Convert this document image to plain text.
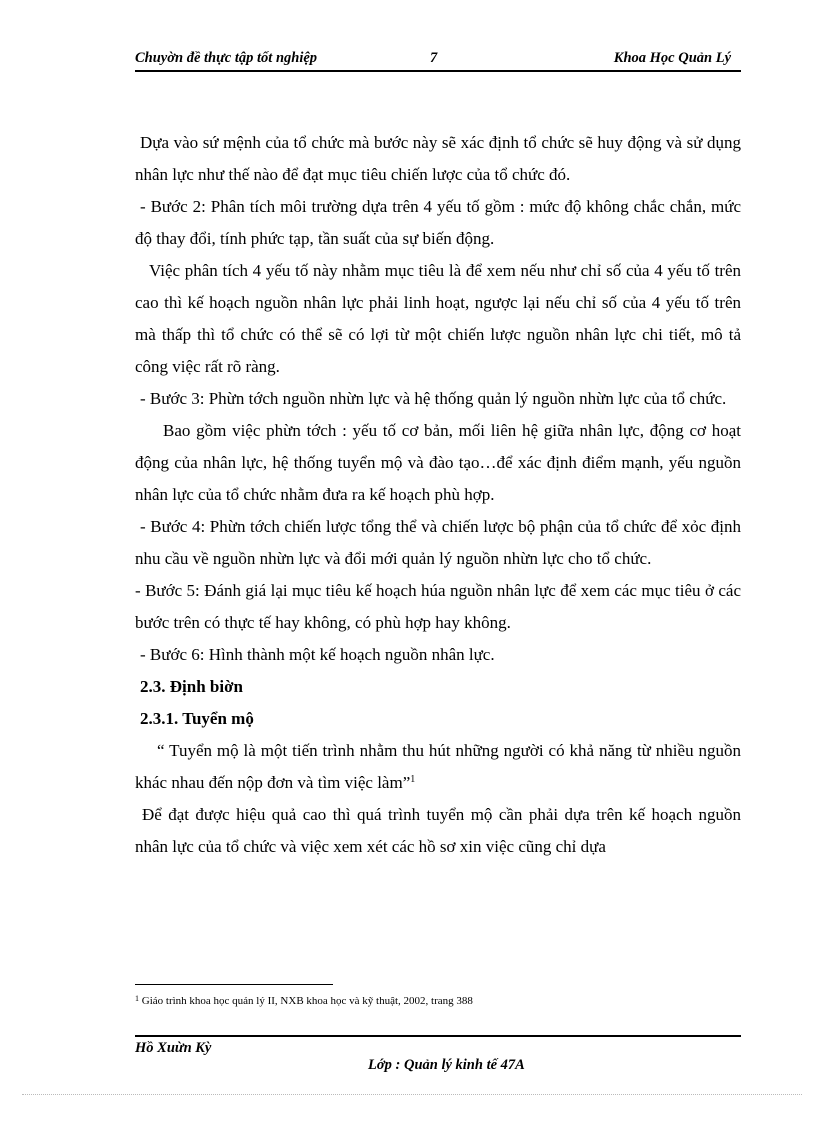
Chuyờn đề thực tập tốt nghiệp	7	Khoa Học Quản Lý

Dựa vào sứ mệnh của tổ chức mà bước này sẽ xác định tổ chức sẽ huy động và sử dụng nhân lực như thế nào để đạt mục tiêu chiến lược của tổ chức đó.

- Bước 2: Phân tích môi trường dựa trên 4 yếu tố gồm : mức độ không chắc chắn, mức độ thay đổi, tính phức tạp, tần suất của sự biến động.

Việc phân tích 4 yếu tố này nhằm mục tiêu là để xem nếu như chỉ số của 4 yếu tố trên cao thì kế hoạch nguồn nhân lực phải linh hoạt, ngược lại nếu chỉ số của 4 yếu tố trên mà thấp thì tổ chức có thể sẽ có lợi từ một chiến lược nguồn nhân lực chi tiết, mô tả công việc rất rõ ràng.

- Bước 3: Phừn tớch nguồn nhừn lực và hệ thống quản lý nguồn nhừn lực của tổ chức.

Bao gồm việc phừn tớch : yếu tố cơ bản, mối liên hệ giữa nhân lực, động cơ hoạt động của nhân lực, hệ thống tuyển mộ và đào tạo…để xác định điểm mạnh, yếu nguồn nhân lực của tổ chức nhằm đưa ra kế hoạch phù hợp.

- Bước 4: Phừn tớch chiến lược tổng thể và chiến lược bộ phận của tổ chức để xỏc định nhu cầu về nguồn nhừn lực và đổi mới quản lý nguồn nhừn lực cho tổ chức.

- Bước 5: Đánh giá lại mục tiêu kế hoạch húa nguồn nhân lực để xem các mục tiêu ở các bước trên có thực tế hay không, có phù hợp hay không.

- Bước 6: Hình thành một kế hoạch nguồn nhân lực.

2.3. Định biờn

2.3.1. Tuyển mộ

“ Tuyển mộ là một tiến trình nhằm thu hút những người có khả năng từ nhiều nguồn khác nhau đến nộp đơn và tìm việc làm”$^1$

Để đạt được hiệu quả cao thì quá trình tuyển mộ cần phải dựa trên kế hoạch nguồn nhân lực của tổ chức và việc xem xét các hồ sơ xin việc cũng chỉ dựa

$^1$ Giáo trình khoa học quản lý II, NXB khoa học và kỹ thuật, 2002, trang 388
Hồ Xuừn Kỳ
Lớp : Quản lý kinh tế 47A
